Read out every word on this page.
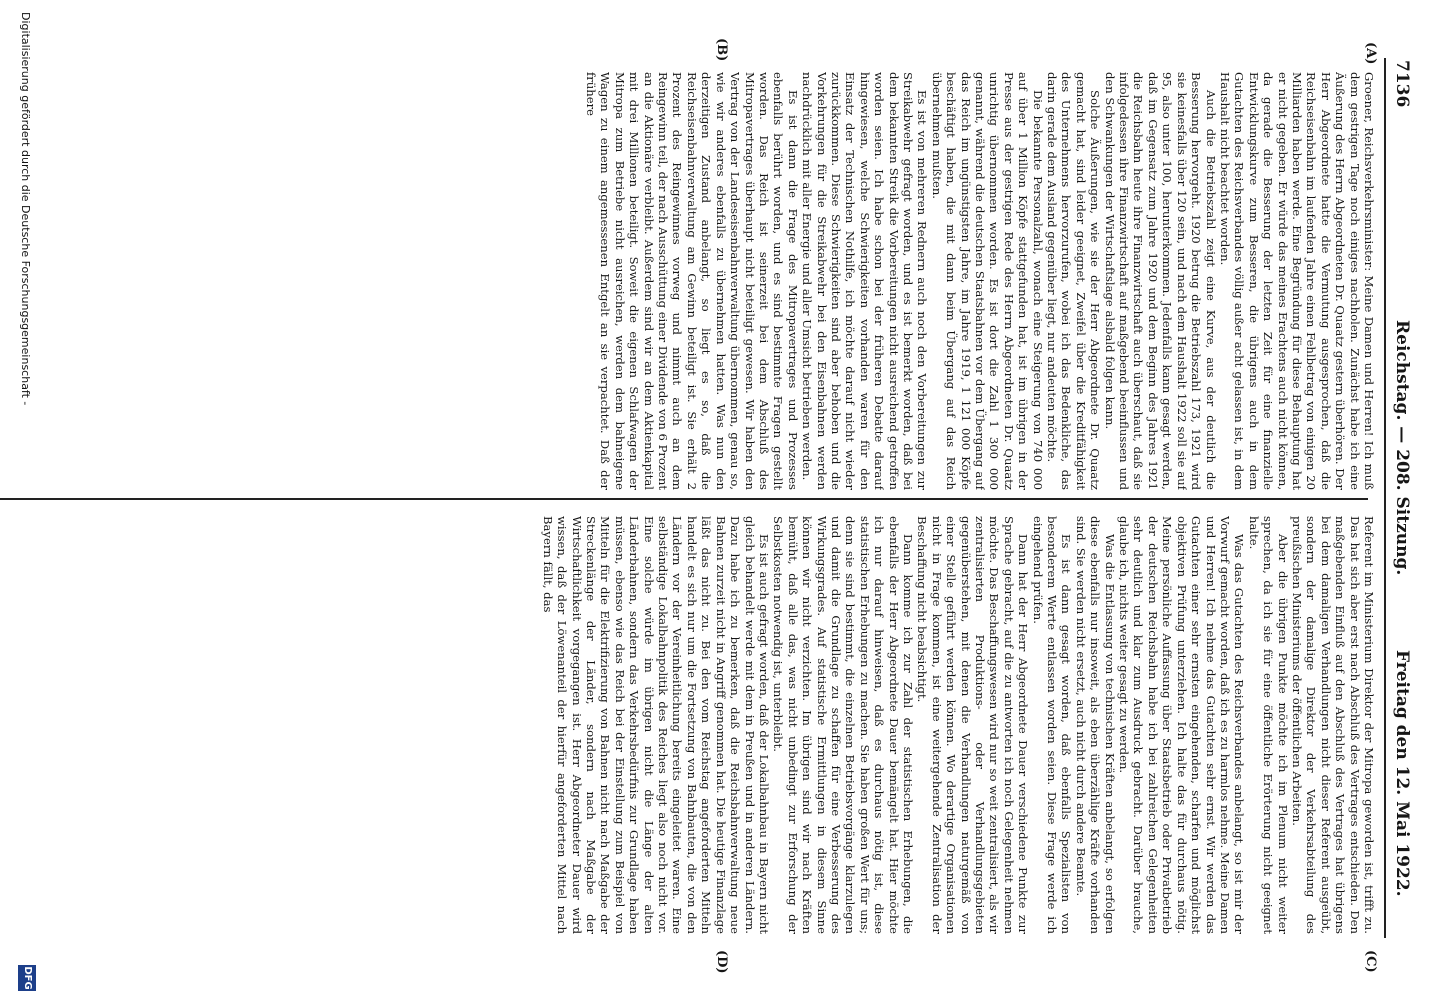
7136
Reichstag. — 208. Sitzung.
Freitag den 12. Mai 1922.
(A)
(B)
(C)
(D)

Groener, Reichsverkehrsminister: Meine Damen und Herren! Ich muß dem gestrigen Tage noch einiges nachholen. Zunächst habe ich eine Äußerung des Herrn Abgeordneten Dr. Quaatz gestern überhören. Der Herr Abgeordnete hatte die Vermutung ausgesprochen, daß die Reichseisenbahn im laufenden Jahre einen Fehlbetrag von einigen 20 Milliarden haben werde. Eine Begründung für diese Behauptung hat er nicht gegeben. Er würde das meines Erachtens auch nicht können, da gerade die Besserung der letzten Zeit für eine finanzielle Entwicklungskurve zum Besseren, die übrigens auch in dem Gutachten des Reichsverbandes völlig außer acht gelassen ist, in dem Haushalt nicht beachtet worden.

Auch die Betriebszahl zeigt eine Kurve, aus der deutlich die Besserung hervorgeht. 1920 betrug die Betriebszahl 173, 1921 wird sie keinesfalls über 120 sein, und nach dem Haushalt 1922 soll sie auf 95, also unter 100, herunterkommen. Jedenfalls kann gesagt werden, daß im Gegensatz zum Jahre 1920 und dem Beginn des Jahres 1921 die Reichsbahn heute ihre Finanzwirtschaft auch überschaut, daß sie infolgedessen ihre Finanzwirtschaft auf maßgebend beeinflussen und den Schwankungen der Wirtschaftslage alsbald folgen kann.

Solche Äußerungen, wie sie der Herr Abgeordnete Dr. Quaatz gemacht hat, sind leider geeignet, Zweifel über die Kreditfähigkeit des Unternehmens hervorzurufen, wobei ich das Bedenkliche, das darin gerade dem Ausland gegenüber liegt, nur andeuten möchte.

Die bekannte Personalzahl, wonach eine Steigerung von 740 000 auf über 1 Million Köpfe stattgefunden hat, ist im übrigen in der Presse aus der gestrigen Rede des Herrn Abgeordneten Dr. Quaatz unrichtig übernommen worden. Es ist dort die Zahl 1 300 000 genannt, während die deutschen Staatsbahnen vor dem Übergang auf das Reich im ungünstigsten Jahre, im Jahre 1919, 1 121 000 Köpfe beschäftigt haben, die mit dann beim Übergang auf das Reich übernehmen mußten.

Es ist von mehreren Rednern auch noch den Vorbereitungen zur Streikabwehr gefragt worden, und es ist bemerkt worden, daß bei dem bekannten Streik die Vorbereitungen nicht ausreichend getroffen worden seien. Ich habe schon bei der früheren Debatte darauf hingewiesen, welche Schwierigkeiten vorhanden waren für den Einsatz der Technischen Nothilfe, ich möchte darauf nicht wieder zurückkommen. Diese Schwierigkeiten sind aber behoben und die Vorkehrungen für die Streikabwehr bei den Eisenbahnen werden nachdrücklich mit aller Energie und aller Umsicht betrieben werden.

Es ist dann die Frage des Mitropavertrages und Prozesses ebenfalls berührt worden, und es sind bestimmte Fragen gestellt worden. Das Reich ist seinerzeit bei dem Abschluß des Mitropavertrages überhaupt nicht beteiligt gewesen. Wir haben den Vertrag von der Landeseisenbahnverwaltung übernommen, genau so, wie wir anderes ebenfalls zu übernehmen hatten. Was nun den derzeitigen Zustand anbelangt, so liegt es so, daß die Reichseisenbahnverwaltung am Gewinn beteiligt ist. Sie erhält 2 Prozent des Reingewinnes vorweg und nimmt auch an dem Reingewinn teil, der nach Ausschüttung einer Dividende von 6 Prozent an die Aktionäre verbleibt. Außerdem sind wir an dem Aktienkapital mit drei Millionen beteiligt. Soweit die eigenen Schlafwagen der Mitropa zum Betriebe nicht ausreichen, werden dem bahneigene Wagen zu einem angemessenen Entgelt an sie verpachtet. Daß der frühere

Referent im Ministerium Direktor der Mitropa geworden ist, trifft zu. Das hat sich aber erst nach Abschluß des Vertrages entschieden. Den maßgebenden Einfluß auf den Abschluß des Vertrages hat übrigens bei dem damaligen Verhandlungen nicht dieser Referent ausgeübt, sondern der damalige Direktor der Verkehrsabteilung des preußischen Ministeriums der öffentlichen Arbeiten.

Aber die übrigen Punkte möchte ich im Plenum nicht weiter sprechen, da ich sie für eine öffentliche Erörterung nicht geeignet halte.

Was das Gutachten des Reichsverbandes anbelangt, so ist mir der Vorwurf gemacht worden, daß ich es zu harmlos nehme. Meine Damen und Herren! Ich nehme das Gutachten sehr ernst. Wir werden das Gutachten einer sehr ernsten eingehenden, scharfen und möglichst objektiven Prüfung unterziehen. Ich halte das für durchaus nötig. Meine persönliche Auffassung über Staatsbetrieb oder Privatbetrieb der deutschen Reichsbahn habe ich bei zahlreichen Gelegenheiten sehr deutlich und klar zum Ausdruck gebracht. Darüber brauche, glaube ich, nichts weiter gesagt zu werden.

Was die Entlassung von technischen Kräften anbelangt, so erfolgen diese ebenfalls nur insoweit, als eben überzählige Kräfte vorhanden sind. Sie werden nicht ersetzt, auch nicht durch andere Beamte.

Es ist dann gesagt worden, daß ebenfalls Spezialisten von besonderem Werte entlassen worden seien. Diese Frage werde ich eingehend prüfen.

Dann hat der Herr Abgeordnete Dauer verschiedene Punkte zur Sprache gebracht, auf die zu antworten ich noch Gelegenheit nehmen möchte. Das Beschaffungswesen wird nur so weit zentralisiert, als wir zentralisierten Produktions- oder Verhandlungsgebieten gegenüberstehen, mit denen die Verhandlungen naturgemäß von einer Stelle geführt werden können. Wo derartige Organisationen nicht in Frage kommen, ist eine weitergehende Zentralisation der Beschaffung nicht beabsichtigt.

Dann komme ich zur Zahl der statistischen Erhebungen, die ebenfalls der Herr Abgeordnete Dauer bemängelt hat. Hier möchte ich nur darauf hinweisen, daß es durchaus nötig ist, diese statistischen Erhebungen zu machen. Sie haben großen Wert für uns; denn sie sind bestimmt, die einzelnen Betriebsvorgänge klarzulegen und damit die Grundlage zu schaffen für eine Verbesserung des Wirkungsgrades. Auf statistische Ermittlungen in diesem Sinne können wir nicht verzichten. Im übrigen sind wir nach Kräften bemüht, daß alle das, was nicht unbedingt zur Erforschung der Selbstkosten notwendig ist, unterbleibt.

Es ist auch gefragt worden, daß der Lokalbahnbau in Bayern nicht gleich behandelt werde mit dem in Preußen und in anderen Ländern. Dazu habe ich zu bemerken, daß die Reichsbahnverwaltung neue Bahnen zurzeit nicht in Angriff genommen hat. Die heutige Finanzlage läßt das nicht zu. Bei den vom Reichstag angeforderten Mitteln handelt es sich nur um die Fortsetzung von Bahnbauten, die von den Ländern vor der Vereinheitlichung bereits eingeleitet waren. Eine selbständige Lokalbahnpolitik des Reiches liegt also noch nicht vor. Eine solche würde im übrigen nicht die Länge der alten Länderbahnen, sondern das Verkehrsbedürfnis zur Grundlage haben müssen, ebenso wie das Reich bei der Einstellung zum Beispiel von Mitteln für die Elektrifizierung von Bahnen nicht nach Maßgabe der Streckenlänge der Länder, sondern nach Maßgabe der Wirtschaftlichkeit vorgegangen ist. Herr Abgeordneter Dauer wird wissen, daß der Löwenanteil der hierfür angeforderten Mittel nach Bayern fällt, das

Digitalisierung gefördert durch die Deutsche Forschungsgemeinschaft -
DFG
